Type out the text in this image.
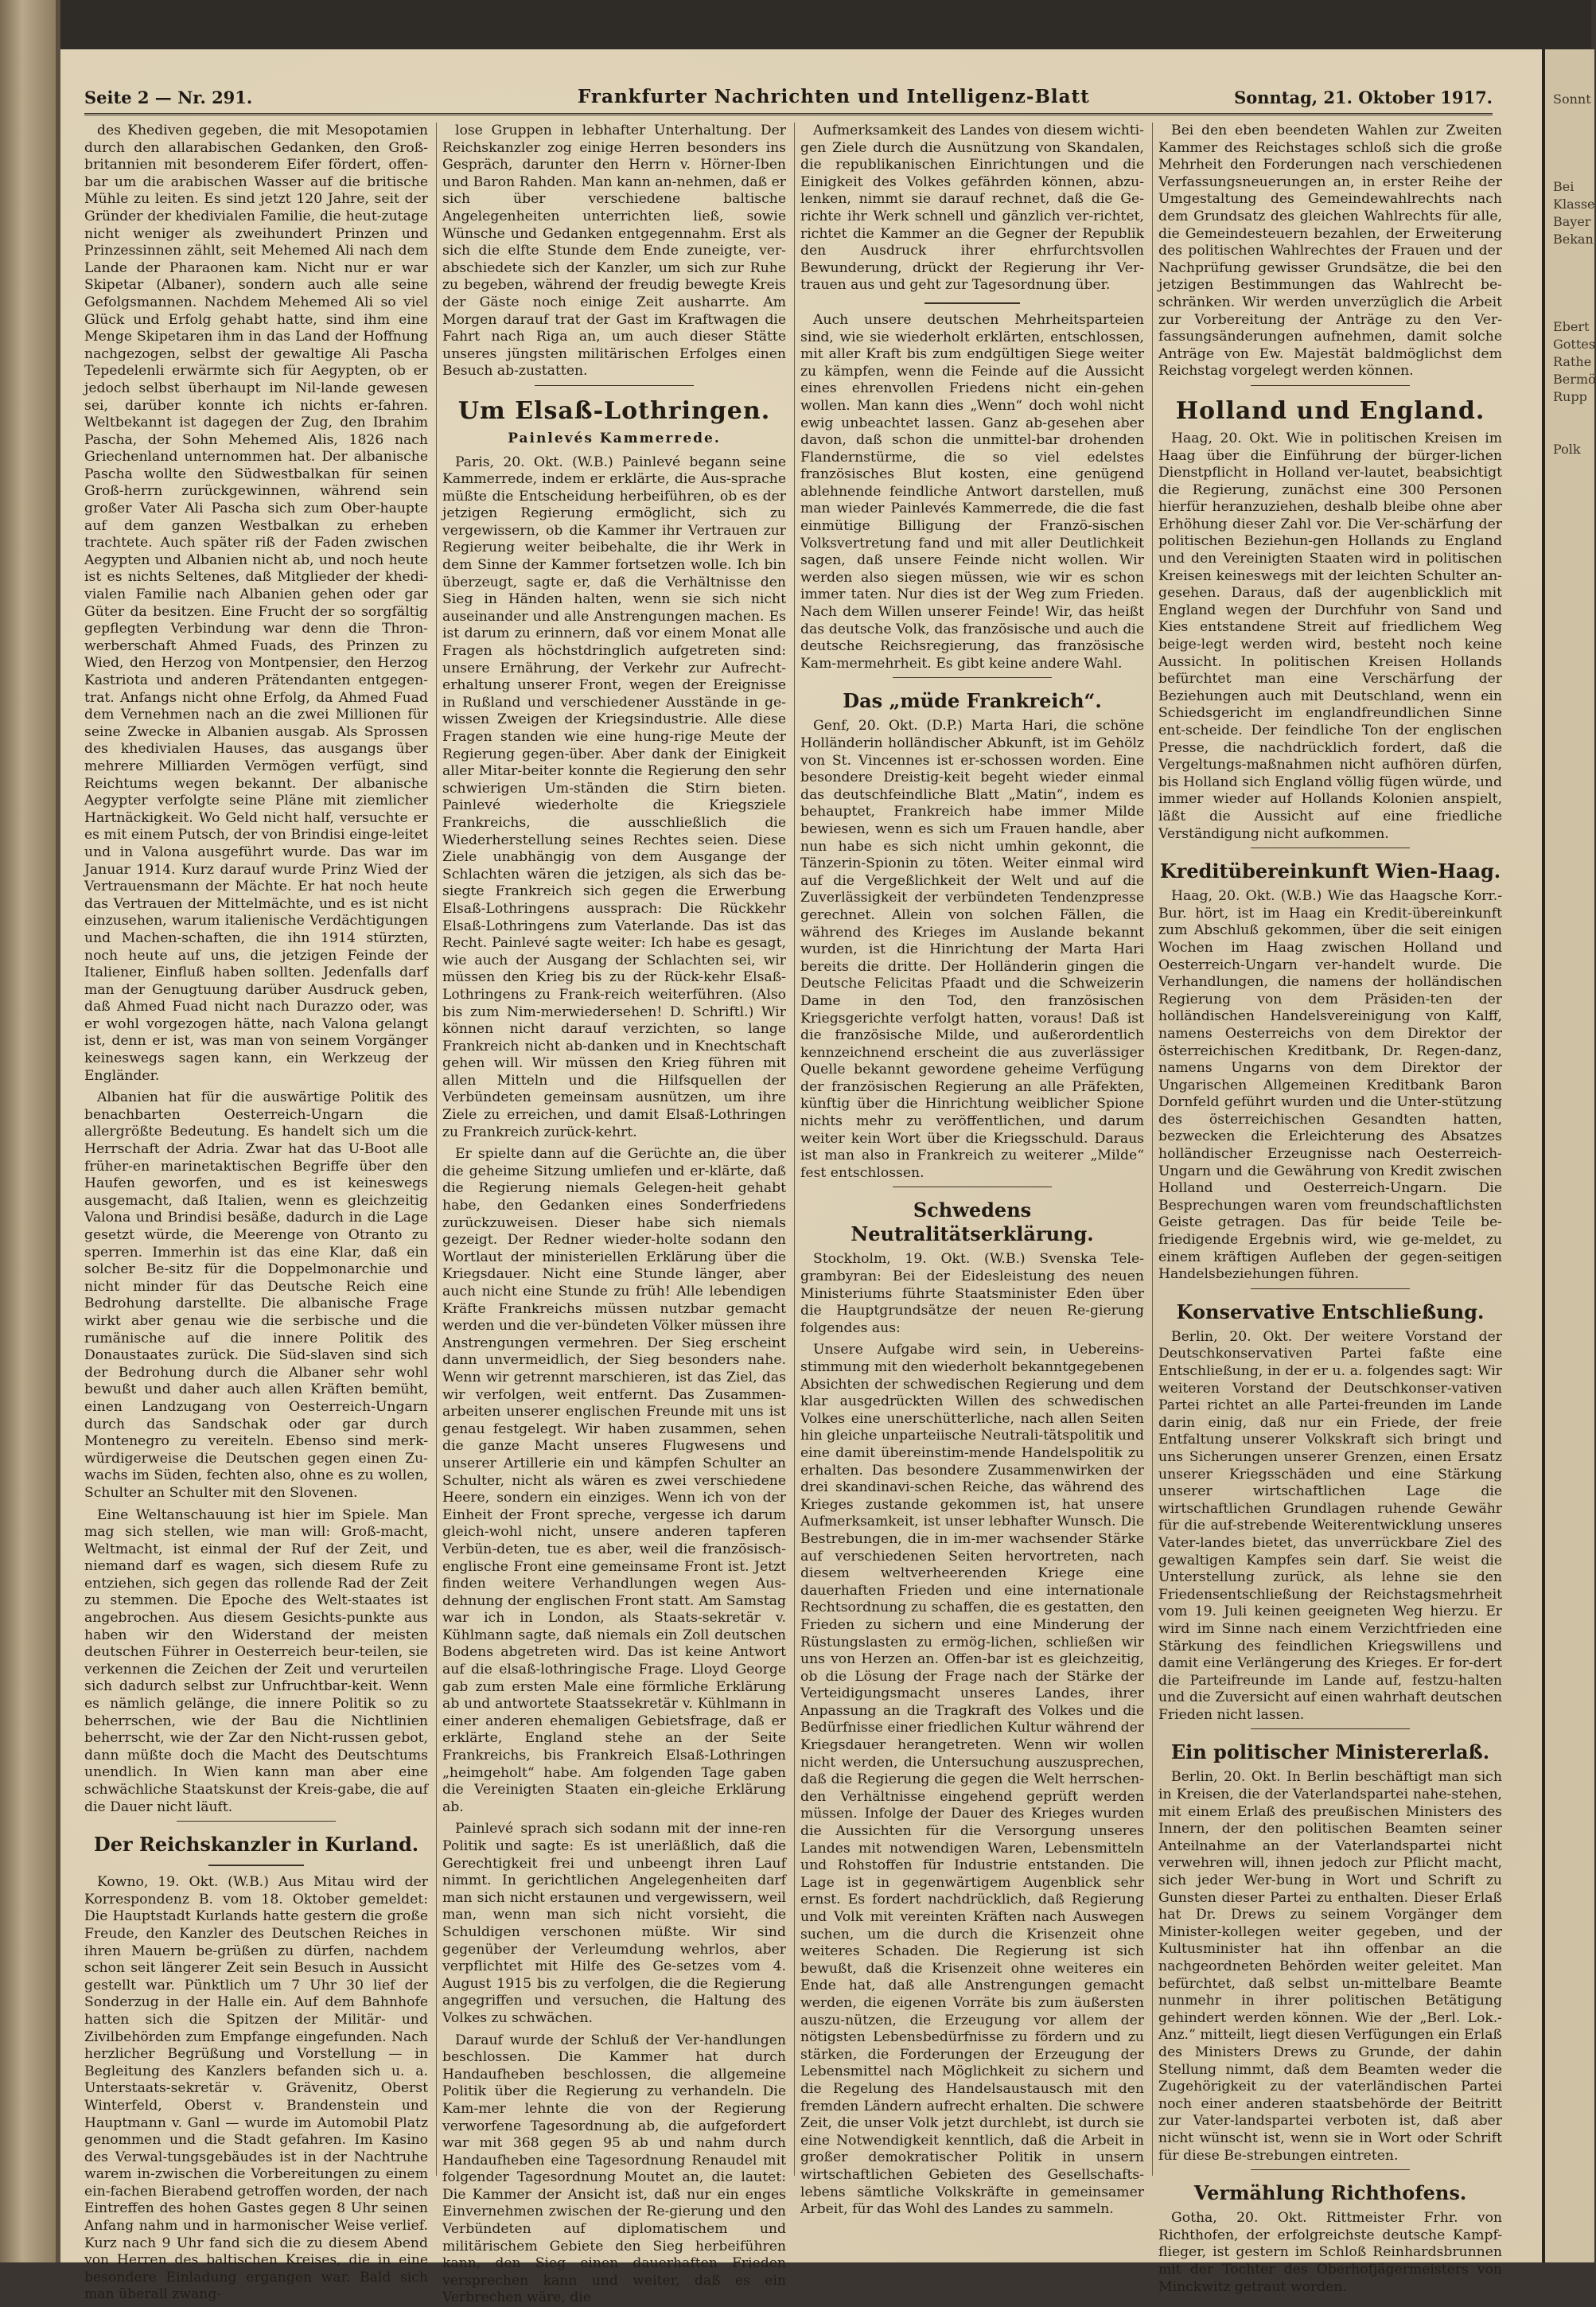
Seite 2 — Nr. 291.	Frankfurter Nachrichten und Intelligenz-Blatt	Sonntag, 21. Oktober 1917.

des Khediven gegeben, die mit Mesopotamien durch den allarabischen Gedanken, den Groß-britannien mit besonderem Eifer fördert, offen-bar um die arabischen Wasser auf die britische Mühle zu leiten. Es sind jetzt 120 Jahre, seit der Gründer der khedivialen Familie, die heut-zutage nicht weniger als zweihundert Prinzen und Prinzessinnen zählt, seit Mehemed Ali nach dem Lande der Pharaonen kam. Nicht nur er war Skipetar (Albaner), sondern auch alle seine Gefolgsmannen. Nachdem Mehemed Ali so viel Glück und Erfolg gehabt hatte, sind ihm eine Menge Skipetaren ihm in das Land der Hoffnung nachgezogen, selbst der gewaltige Ali Pascha Tepedelenli erwärmte sich für Aegypten, ob er jedoch selbst überhaupt im Nil-lande gewesen sei, darüber konnte ich nichts er-fahren. Weltbekannt ist dagegen der Zug, den Ibrahim Pascha, der Sohn Mehemed Alis, 1826 nach Griechenland unternommen hat. Der albanische Pascha wollte den Südwestbalkan für seinen Groß-herrn zurückgewinnen, während sein großer Vater Ali Pascha sich zum Ober-haupte auf dem ganzen Westbalkan zu erheben trachtete. Auch später riß der Faden zwischen Aegypten und Albanien nicht ab, und noch heute ist es nichts Seltenes, daß Mitglieder der khedi-vialen Familie nach Albanien gehen oder gar Güter da besitzen. Eine Frucht der so sorgfältig gepflegten Verbindung war denn die Thron-werberschaft Ahmed Fuads, des Prinzen zu Wied, den Herzog von Montpensier, den Herzog Kastriota und anderen Prätendanten entgegen-trat. Anfangs nicht ohne Erfolg, da Ahmed Fuad dem Vernehmen nach an die zwei Millionen für seine Zwecke in Albanien ausgab. Als Sprossen des khedivialen Hauses, das ausgangs über mehrere Milliarden Vermögen verfügt, sind Reichtums wegen bekannt. Der albanische Aegypter verfolgte seine Pläne mit ziemlicher Hartnäckigkeit. Wo Geld nicht half, versuchte er es mit einem Putsch, der von Brindisi einge-leitet und in Valona ausgeführt wurde. Das war im Januar 1914. Kurz darauf wurde Prinz Wied der Vertrauensmann der Mächte. Er hat noch heute das Vertrauen der Mittelmächte, und es ist nicht einzusehen, warum italienische Verdächtigungen und Machen-schaften, die ihn 1914 stürzten, noch heute auf uns, die jetzigen Feinde der Italiener, Einfluß haben sollten. Jedenfalls darf man der Genugtuung darüber Ausdruck geben, daß Ahmed Fuad nicht nach Durazzo oder, was er wohl vorgezogen hätte, nach Valona gelangt ist, denn er ist, was man von seinem Vorgänger keineswegs sagen kann, ein Werkzeug der Engländer.

Albanien hat für die auswärtige Politik des benachbarten Oesterreich-Ungarn die allergrößte Bedeutung. Es handelt sich um die Herrschaft der Adria. Zwar hat das U-Boot alle früher-en marinetaktischen Begriffe über den Haufen geworfen, und es ist keineswegs ausgemacht, daß Italien, wenn es gleichzeitig Valona und Brindisi besäße, dadurch in die Lage gesetzt würde, die Meerenge von Otranto zu sperren. Immerhin ist das eine Klar, daß ein solcher Be-sitz für die Doppelmonarchie und nicht minder für das Deutsche Reich eine Bedrohung darstellte. Die albanische Frage wirkt aber genau wie die serbische und die rumänische auf die innere Politik des Donaustaates zurück. Die Süd-slaven sind sich der Bedrohung durch die Albaner sehr wohl bewußt und daher auch allen Kräften bemüht, einen Landzugang von Oesterreich-Ungarn durch das Sandschak oder gar durch Montenegro zu vereiteln. Ebenso sind merk-würdigerweise die Deutschen gegen einen Zu-wachs im Süden, fechten also, ohne es zu wollen, Schulter an Schulter mit den Slovenen.

Eine Weltanschauung ist hier im Spiele. Man mag sich stellen, wie man will: Groß-macht, Weltmacht, ist einmal der Ruf der Zeit, und niemand darf es wagen, sich diesem Rufe zu entziehen, sich gegen das rollende Rad der Zeit zu stemmen. Die Epoche des Welt-staates ist angebrochen. Aus diesem Gesichts-punkte aus haben wir den Widerstand der meisten deutschen Führer in Oesterreich beur-teilen, sie verkennen die Zeichen der Zeit und verurteilen sich dadurch selbst zur Unfruchtbar-keit. Wenn es nämlich gelänge, die innere Politik so zu beherrschen, wie der Bau die Nichtlinien beherrscht, wie der Zar den Nicht-russen gebot, dann müßte doch die Macht des Deutschtums unendlich. In Wien kann man aber eine schwächliche Staatskunst der Kreis-gabe, die auf die Dauer nicht läuft.

Der Reichskanzler in Kurland.

Kowno, 19. Okt. (W.B.) Aus Mitau wird der Korrespondenz B. vom 18. Oktober gemeldet: Die Hauptstadt Kurlands hatte gestern die große Freude, den Kanzler des Deutschen Reiches in ihren Mauern be-grüßen zu dürfen, nachdem schon seit längerer Zeit sein Besuch in Aussicht gestellt war. Pünktlich um 7 Uhr 30 lief der Sonderzug in der Halle ein. Auf dem Bahnhofe hatten sich die Spitzen der Militär- und Zivilbehörden zum Empfange eingefunden. Nach herzlicher Begrüßung und Vorstellung — in Begleitung des Kanzlers befanden sich u. a. Unterstaats-sekretär v. Grävenitz, Oberst Winterfeld, Oberst v. Brandenstein und Hauptmann v. Ganl — wurde im Automobil Platz genommen und die Stadt gefahren. Im Kasino des Verwal-tungsgebäudes ist in der Nachtruhe warem in-zwischen die Vorbereitungen zu einem ein-fachen Bierabend getroffen worden, der nach Eintreffen des hohen Gastes gegen 8 Uhr seinen Anfang nahm und in harmonischer Weise verlief. Kurz nach 9 Uhr fand sich die zu diesem Abend von Herren des baltischen Kreises, die in eine besondere Einladung ergangen war. Bald sich man überall zwang-

lose Gruppen in lebhafter Unterhaltung. Der Reichskanzler zog einige Herren besonders ins Gespräch, darunter den Herrn v. Hörner-Iben und Baron Rahden. Man kann an-nehmen, daß er sich über verschiedene baltische Angelegenheiten unterrichten ließ, sowie Wünsche und Gedanken entgegennahm. Erst als sich die elfte Stunde dem Ende zuneigte, ver-abschiedete sich der Kanzler, um sich zur Ruhe zu begeben, während der freudig bewegte Kreis der Gäste noch einige Zeit ausharrte. Am Morgen darauf trat der Gast im Kraftwagen die Fahrt nach Riga an, um auch dieser Stätte unseres jüngsten militärischen Erfolges einen Besuch ab-zustatten.

Um Elsaß-Lothringen.
Painlevés Kammerrede.

Paris, 20. Okt. (W.B.) Painlevé begann seine Kammerrede, indem er erklärte, die Aus-sprache müßte die Entscheidung herbeiführen, ob es der jetzigen Regierung ermöglicht, sich zu vergewissern, ob die Kammer ihr Vertrauen zur Regierung weiter beibehalte, die ihr Werk in dem Sinne der Kammer fortsetzen wolle. Ich bin überzeugt, sagte er, daß die Verhältnisse den Sieg in Händen halten, wenn sie sich nicht auseinander und alle Anstrengungen machen. Es ist darum zu erinnern, daß vor einem Monat alle Fragen als höchstdringlich aufgetreten sind: unsere Ernährung, der Verkehr zur Aufrecht-erhaltung unserer Front, wegen der Ereignisse in Rußland und verschiedener Ausstände in ge-wissen Zweigen der Kriegsindustrie. Alle diese Fragen standen wie eine hung-rige Meute der Regierung gegen-über. Aber dank der Einigkeit aller Mitar-beiter konnte die Regierung den sehr schwierigen Um-ständen die Stirn bieten. Painlevé wiederholte die Kriegsziele Frankreichs, die ausschließlich die Wiederherstellung seines Rechtes seien. Diese Ziele unabhängig von dem Ausgange der Schlachten wären die jetzigen, als sich das be-siegte Frankreich sich gegen die Erwerbung Elsaß-Lothringens aussprach: Die Rückkehr Elsaß-Lothringens zum Vaterlande. Das ist das Recht. Painlevé sagte weiter: Ich habe es gesagt, wie auch der Ausgang der Schlachten sei, wir müssen den Krieg bis zu der Rück-kehr Elsaß-Lothringens zu Frank-reich weiterführen. (Also bis zum Nim-merwiedersehen! D. Schriftl.) Wir können nicht darauf verzichten, so lange Frankreich nicht ab-danken und in Knechtschaft gehen will. Wir müssen den Krieg führen mit allen Mitteln und die Hilfsquellen der Verbündeten gemeinsam ausnützen, um ihre Ziele zu erreichen, und damit Elsaß-Lothringen zu Frankreich zurück-kehrt.

Er spielte dann auf die Gerüchte an, die über die geheime Sitzung umliefen und er-klärte, daß die Regierung niemals Gelegen-heit gehabt habe, den Gedanken eines Sonderfriedens zurückzuweisen. Dieser habe sich niemals gezeigt. Der Redner wieder-holte sodann den Wortlaut der ministeriellen Erklärung über die Kriegsdauer. Nicht eine Stunde länger, aber auch nicht eine Stunde zu früh! Alle lebendigen Kräfte Frankreichs müssen nutzbar gemacht werden und die ver-bündeten Völker müssen ihre Anstrengungen vermehren. Der Sieg erscheint dann unvermeidlich, der Sieg besonders nahe. Wenn wir getrennt marschieren, ist das Ziel, das wir verfolgen, weit entfernt. Das Zusammen-arbeiten unserer englischen Freunde mit uns ist genau festgelegt. Wir haben zusammen, sehen die ganze Macht unseres Flugwesens und unserer Artillerie ein und kämpfen Schulter an Schulter, nicht als wären es zwei verschiedene Heere, sondern ein einziges. Wenn ich von der Einheit der Front spreche, vergesse ich darum gleich-wohl nicht, unsere anderen tapferen Verbün-deten, tue es aber, weil die französisch-englische Front eine gemeinsame Front ist. Jetzt finden weitere Verhandlungen wegen Aus-dehnung der englischen Front statt. Am Samstag war ich in London, als Staats-sekretär v. Kühlmann sagte, daß niemals ein Zoll deutschen Bodens abgetreten wird. Das ist keine Antwort auf die elsaß-lothringische Frage. Lloyd George gab zum ersten Male eine förmliche Erklärung ab und antwortete Staatssekretär v. Kühlmann in einer anderen ehemaligen Gebietsfrage, daß er erklärte, England stehe an der Seite Frankreichs, bis Frankreich Elsaß-Lothringen „heimgeholt“ habe. Am folgenden Tage gaben die Vereinigten Staaten ein-gleiche Erklärung ab.

Painlevé sprach sich sodann mit der inne-ren Politik und sagte: Es ist unerläßlich, daß die Gerechtigkeit frei und unbeengt ihren Lauf nimmt. In gerichtlichen Angelegenheiten darf man sich nicht erstaunen und vergewissern, weil man, wenn man sich nicht vorsieht, die Schuldigen verschonen müßte. Wir sind gegenüber der Verleumdung wehrlos, aber verpflichtet mit Hilfe des Ge-setzes vom 4. August 1915 bis zu verfolgen, die die Regierung angegriffen und versuchen, die Haltung des Volkes zu schwächen.

Darauf wurde der Schluß der Ver-handlungen beschlossen. Die Kammer hat durch Handaufheben beschlossen, die allgemeine Politik über die Regierung zu verhandeln. Die Kam-mer lehnte die von der Regierung verworfene Tagesordnung ab, die aufgefordert war mit 368 gegen 95 ab und nahm durch Handaufheben eine Tagesordnung Renaudel mit folgender Tagesordnung Moutet an, die lautet: Die Kammer der Ansicht ist, daß nur ein enges Einvernehmen zwischen der Re-gierung und den Verbündeten auf diplomatischem und militärischem Gebiete den Sieg herbeiführen kann, den Sieg einen dauerhaften Frieden versprechen kann und weiter, daß es ein Verbrechen wäre, die

Aufmerksamkeit des Landes von diesem wichti-gen Ziele durch die Ausnützung von Skandalen, die republikanischen Einrichtungen und die Einigkeit des Volkes gefährden können, abzu-lenken, nimmt sie darauf rechnet, daß die Ge-richte ihr Werk schnell und gänzlich ver-richtet, richtet die Kammer an die Gegner der Republik den Ausdruck ihrer ehrfurchtsvollen Bewunderung, drückt der Regierung ihr Ver-trauen aus und geht zur Tagesordnung über.

Auch unsere deutschen Mehrheitsparteien sind, wie sie wiederholt erklärten, entschlossen, mit aller Kraft bis zum endgültigen Siege weiter zu kämpfen, wenn die Feinde auf die Aussicht eines ehrenvollen Friedens nicht ein-gehen wollen. Man kann dies „Wenn“ doch wohl nicht ewig unbeachtet lassen. Ganz ab-gesehen aber davon, daß schon die unmittel-bar drohenden Flandernstürme, die so viel edelstes französisches Blut kosten, eine genügend ablehnende feindliche Antwort darstellen, muß man wieder Painlevés Kammerrede, die die fast einmütige Billigung der Franzö-sischen Volksvertretung fand und mit aller Deutlichkeit sagen, daß unsere Feinde nicht wollen. Wir werden also siegen müssen, wie wir es schon immer taten. Nur dies ist der Weg zum Frieden. Nach dem Willen unserer Feinde! Wir, das heißt das deutsche Volk, das französische und auch die deutsche Reichsregierung, das französische Kam-mermehrheit. Es gibt keine andere Wahl.

Das „müde Frankreich“.

Genf, 20. Okt. (D.P.) Marta Hari, die schöne Holländerin holländischer Abkunft, ist im Gehölz von St. Vincennes ist er-schossen worden. Eine besondere Dreistig-keit begeht wieder einmal das deutschfeindliche Blatt „Matin“, indem es behauptet, Frankreich habe immer Milde bewiesen, wenn es sich um Frauen handle, aber nun habe es sich nicht umhin gekonnt, die Tänzerin-Spionin zu töten. Weiter einmal wird auf die Vergeßlichkeit der Welt und auf die Zuverlässigkeit der verbündeten Tendenzpresse gerechnet. Allein von solchen Fällen, die während des Krieges im Auslande bekannt wurden, ist die Hinrichtung der Marta Hari bereits die dritte. Der Holländerin gingen die Deutsche Felicitas Pfaadt und die Schweizerin Dame in den Tod, den französischen Kriegsgerichte verfolgt hatten, voraus! Daß ist die französische Milde, und außerordentlich kennzeichnend erscheint die aus zuverlässiger Quelle bekannt gewordene geheime Verfügung der französischen Regierung an alle Präfekten, künftig über die Hinrichtung weiblicher Spione nichts mehr zu veröffentlichen, und darum weiter kein Wort über die Kriegsschuld. Daraus ist man also in Frankreich zu weiterer „Milde“ fest entschlossen.

Schwedens Neutralitätserklärung.

Stockholm, 19. Okt. (W.B.) Svenska Tele-grambyran: Bei der Eidesleistung des neuen Ministeriums führte Staatsminister Eden über die Hauptgrundsätze der neuen Re-gierung folgendes aus:

Unsere Aufgabe wird sein, in Uebereins-stimmung mit den wiederholt bekanntgegebenen Absichten der schwedischen Regierung und dem klar ausgedrückten Willen des schwedischen Volkes eine unerschütterliche, nach allen Seiten hin gleiche unparteiische Neutrali-tätspolitik und eine damit übereinstim-mende Handelspolitik zu erhalten. Das besondere Zusammenwirken der drei skandinavi-schen Reiche, das während des Krieges zustande gekommen ist, hat unsere Aufmerksamkeit, ist unser lebhafter Wunsch. Die Bestrebungen, die in im-mer wachsender Stärke auf verschiedenen Seiten hervortreten, nach diesem weltverheerenden Kriege eine dauerhaften Frieden und eine internationale Rechtsordnung zu schaffen, die es gestatten, den Frieden zu sichern und eine Minderung der Rüstungslasten zu ermög-lichen, schließen wir uns von Herzen an. Offen-bar ist es gleichzeitig, ob die Lösung der Frage nach der Stärke der Verteidigungsmacht unseres Landes, ihrer Anpassung an die Tragkraft des Volkes und die Bedürfnisse einer friedlichen Kultur während der Kriegsdauer herangetreten. Wenn wir wollen nicht werden, die Untersuchung auszusprechen, daß die Regierung die gegen die Welt herrschen-den Verhältnisse eingehend geprüft werden müssen. Infolge der Dauer des Krieges wurden die Aussichten für die Versorgung unseres Landes mit notwendigen Waren, Lebensmitteln und Rohstoffen für Industrie entstanden. Die Lage ist in gegenwärtigem Augenblick sehr ernst. Es fordert nachdrücklich, daß Regierung und Volk mit vereinten Kräften nach Auswegen suchen, um die durch die Krisenzeit ohne weiteres Schaden. Die Regierung ist sich bewußt, daß die Krisenzeit ohne weiteres ein Ende hat, daß alle Anstrengungen gemacht werden, die eigenen Vorräte bis zum äußersten auszu-nützen, die Erzeugung vor allem der nötigsten Lebensbedürfnisse zu fördern und zu stärken, die Forderungen der Erzeugung der Lebensmittel nach Möglichkeit zu sichern und die Regelung des Handelsaustausch mit den fremden Ländern aufrecht erhalten. Die schwere Zeit, die unser Volk jetzt durchlebt, ist durch sie eine Notwendigkeit kenntlich, daß die Arbeit in großer demokratischer Politik in unsern wirtschaftlichen Gebieten des Gesellschafts-lebens sämtliche Volkskräfte in gemeinsamer Arbeit, für das Wohl des Landes zu sammeln.

Bei den eben beendeten Wahlen zur Zweiten Kammer des Reichstages schloß sich die große Mehrheit den Forderungen nach verschiedenen Verfassungsneuerungen an, in erster Reihe der Umgestaltung des Gemeindewahlrechts nach dem Grundsatz des gleichen Wahlrechts für alle, die Gemeindesteuern bezahlen, der Erweiterung des politischen Wahlrechtes der Frauen und der Nachprüfung gewisser Grundsätze, die bei den jetzigen Bestimmungen das Wahlrecht be-schränken. Wir werden unverzüglich die Arbeit zur Vorbereitung der Anträge zu den Ver-fassungsänderungen aufnehmen, damit solche Anträge von Ew. Majestät baldmöglichst dem Reichstag vorgelegt werden können.

Holland und England.

Haag, 20. Okt. Wie in politischen Kreisen im Haag über die Einführung der bürger-lichen Dienstpflicht in Holland ver-lautet, beabsichtigt die Regierung, zunächst eine 300 Personen hierfür heranzuziehen, deshalb bleibe ohne aber Erhöhung dieser Zahl vor. Die Ver-schärfung der politischen Beziehun-gen Hollands zu England und den Vereinigten Staaten wird in politischen Kreisen keineswegs mit der leichten Schulter an-gesehen. Daraus, daß der augenblicklich mit England wegen der Durchfuhr von Sand und Kies entstandene Streit auf friedlichem Weg beige-legt werden wird, besteht noch keine Aussicht. In politischen Kreisen Hollands befürchtet man eine Verschärfung der Beziehungen auch mit Deutschland, wenn ein Schiedsgericht im englandfreundlichen Sinne ent-scheide. Der feindliche Ton der englischen Presse, die nachdrücklich fordert, daß die Vergeltungs-maßnahmen nicht aufhören dürfen, bis Holland sich England völlig fügen würde, und immer wieder auf Hollands Kolonien anspielt, läßt die Aussicht auf eine friedliche Verständigung nicht aufkommen.

Kreditübereinkunft Wien-Haag.

Haag, 20. Okt. (W.B.) Wie das Haagsche Korr.-Bur. hört, ist im Haag ein Kredit-übereinkunft zum Abschluß gekommen, über die seit einigen Wochen im Haag zwischen Holland und Oesterreich-Ungarn ver-handelt wurde. Die Verhandlungen, die namens der holländischen Regierung von dem Präsiden-ten der holländischen Handelsvereinigung von Kalff, namens Oesterreichs von dem Direktor der österreichischen Kreditbank, Dr. Regen-danz, namens Ungarns von dem Direktor der Ungarischen Allgemeinen Kreditbank Baron Dornfeld geführt wurden und die Unter-stützung des österreichischen Gesandten hatten, bezwecken die Erleichterung des Absatzes holländischer Erzeugnisse nach Oesterreich-Ungarn und die Gewährung von Kredit zwischen Holland und Oesterreich-Ungarn. Die Besprechungen waren vom freundschaftlichsten Geiste getragen. Das für beide Teile be-friedigende Ergebnis wird, wie ge-meldet, zu einem kräftigen Aufleben der gegen-seitigen Handelsbeziehungen führen.

Konservative Entschließung.

Berlin, 20. Okt. Der weitere Vorstand der Deutschkonservativen Partei faßte eine Entschließung, in der er u. a. folgendes sagt: Wir weiteren Vorstand der Deutschkonser-vativen Partei richtet an alle Partei-freunden im Lande darin einig, daß nur ein Friede, der freie Entfaltung unserer Volkskraft sich bringt und uns Sicherungen unserer Grenzen, einen Ersatz unserer Kriegsschäden und eine Stärkung unserer wirtschaftlichen Lage die wirtschaftlichen Grundlagen ruhende Gewähr für die auf-strebende Weiterentwicklung unseres Vater-landes bietet, das unverrückbare Ziel des gewaltigen Kampfes sein darf. Sie weist die Unterstellung zurück, als lehne sie den Friedensentschließung der Reichstagsmehrheit vom 19. Juli keinen geeigneten Weg hierzu. Er wird im Sinne nach einem Verzichtfrieden eine Stärkung des feindlichen Kriegswillens und damit eine Verlängerung des Krieges. Er for-dert die Parteifreunde im Lande auf, festzu-halten und die Zuversicht auf einen wahrhaft deutschen Frieden nicht lassen.

Ein politischer Ministererlaß.

Berlin, 20. Okt. In Berlin beschäftigt man sich in Kreisen, die der Vaterlandspartei nahe-stehen, mit einem Erlaß des preußischen Ministers des Innern, der den politischen Beamten seiner Anteilnahme an der Vaterlandspartei nicht verwehren will, ihnen jedoch zur Pflicht macht, sich jeder Wer-bung in Wort und Schrift zu Gunsten dieser Partei zu enthalten. Dieser Erlaß hat Dr. Drews zu seinem Vorgänger dem Minister-kollegen weiter gegeben, und der Kultusminister hat ihn offenbar an die nachgeordneten Behörden weiter geleitet. Man befürchtet, daß selbst un-mittelbare Beamte nunmehr in ihrer politischen Betätigung gehindert werden können. Wie der „Berl. Lok.-Anz.“ mitteilt, liegt diesen Verfügungen ein Erlaß des Ministers Drews zu Grunde, der dahin Stellung nimmt, daß dem Beamten weder die Zugehörigkeit zu der vaterländischen Partei noch einer anderen staatsbehörde der Beitritt zur Vater-landspartei verboten ist, daß aber nicht wünscht ist, wenn sie in Wort oder Schrift für diese Be-strebungen eintreten.

Vermählung Richthofens.

Gotha, 20. Okt. Rittmeister Frhr. von Richthofen, der erfolgreichste deutsche Kampf-flieger, ist gestern im Schloß Reinhardsbrunnen mit der Tochter des Oberhofjägermeisters von Minckwitz getraut worden.

Sonnt

Bei
Klasse
Bayer
Bekan

Ebert
Gottes
Rathe
Bermö
Rupp

Polk
